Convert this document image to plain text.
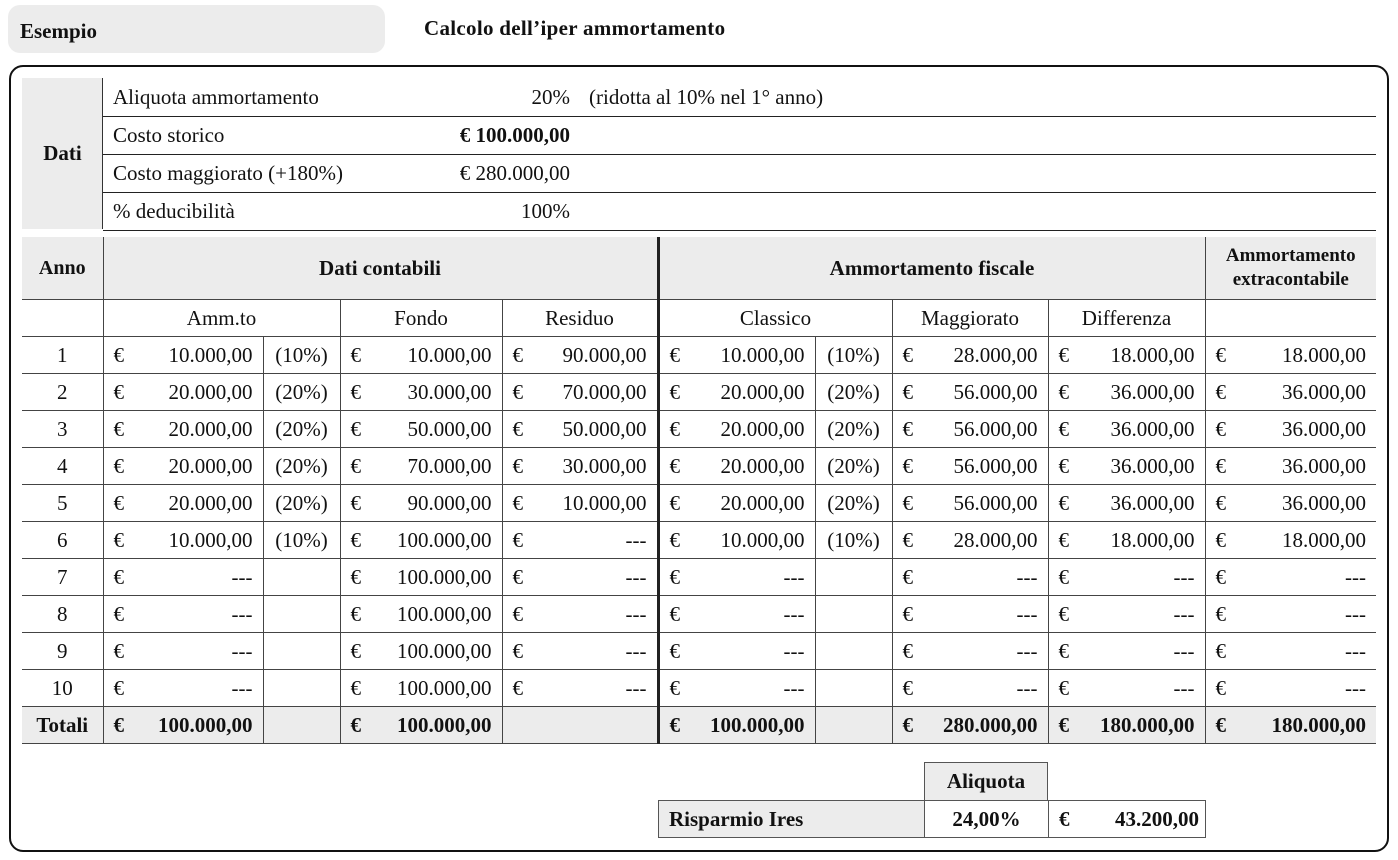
Esempio	Calcolo dell’iper ammortamento
Dati
Aliquota ammortamento	20% (ridotta al 10% nel 1° anno)
Costo storico	€ 100.000,00
Costo maggiorato (+180%)	€ 280.000,00
% deducibilità	100%
Anno	Dati contabili				Ammortamento fiscale				Ammortamento
extracontabile

	Amm.to		Fondo	Residuo	Classico		Maggiorato	Differenza	
1	€ 10.000,00	(10%)	€ 10.000,00	€ 90.000,00	€ 10.000,00	(10%)	€ 28.000,00	€ 18.000,00	€ 18.000,00

2	€ 20.000,00	(20%)	€ 30.000,00	€ 70.000,00	€ 20.000,00	(20%)	€ 56.000,00	€ 36.000,00	€ 36.000,00

3	€ 20.000,00	(20%)	€ 50.000,00	€ 50.000,00	€ 20.000,00	(20%)	€ 56.000,00	€ 36.000,00	€ 36.000,00

4	€ 20.000,00	(20%)	€ 70.000,00	€ 30.000,00	€ 20.000,00	(20%)	€ 56.000,00	€ 36.000,00	€ 36.000,00

5	€ 20.000,00	(20%)	€ 90.000,00	€ 10.000,00	€ 20.000,00	(20%)	€ 56.000,00	€ 36.000,00	€ 36.000,00

6	€ 10.000,00	(10%)	€ 100.000,00	€ ---	€ 10.000,00	(10%)	€ 28.000,00	€ 18.000,00	€ 18.000,00

7	€ ---		€ 100.000,00	€ ---	€ ---		€ ---	€ ---	€ ---

8	€ ---		€ 100.000,00	€ ---	€ ---		€ ---	€ ---	€ ---

9	€ ---		€ 100.000,00	€ ---	€ ---		€ ---	€ ---	€ ---

10	€ ---		€ 100.000,00	€ ---	€ ---		€ ---	€ ---	€ ---

Totali	€ 100.000,00		€ 100.000,00		€ 100.000,00		€ 280.000,00	€ 180.000,00	€ 180.000,00
Aliquota
Risparmio Ires	24,00%	€ 43.200,00
